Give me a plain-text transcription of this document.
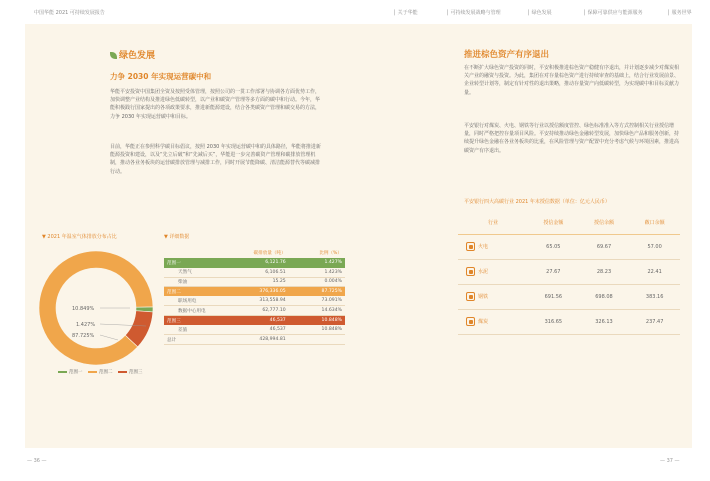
中国华能 2021 可持续发展报告	│ 关于华能	│ 可持续发展战略与管理	│ 绿色发展	│ 保障可靠供应与能源服务	│ 服务世界
绿色发展
力争 2030 年实现运营碳中和
华能平安投资中国集团全资及按照受体管理，按照公司的一贯工作部署与协调各方面优势工作，加快调整产业结构及推进绿色低碳转型，以产业和碳资产管理等多方面的碳中和行动。今年，华能积极践行国家提出的各项政策要求，推进新能源建设，结合各类碳资产管理和碳交易的方法，力争 2030 年实现运营碳中和目标。
目前，华能正在参照科学碳目标倡议，按照 2030 年实现运营碳中和的具体路径，华能将推进新能源投资和建设，以及“先立后破”和“先减后买”，华能进一步完善碳资产管理和碳排放管理机制，推动各业务板块的运营碳排放管理与减排工作，同时开展节能降碳、清洁能源替代等碳减排行动。
▼ 2021 年温室气体排放分布占比	▼ 详细数据
10.849%
1.427%
87.725%
范围一	范围二	范围三
	碳排放量（吨）	比例（%）
范围一	6,121.76	1.427%
天然气	6,106.51	1.423%
柴油	15.25	0.004%
范围二	376,336.05	87.725%
职场用电	313,558.94	73.091%
数据中心用电	62,777.10	14.634%
范围三	46,537	10.848%
差旅	46,537	10.848%
总计	428,994.81	
推进棕色资产有序退出
在不断扩大绿色资产投资的同时，平安积极推进棕色资产稳健有序退出，并计划逐步减少对煤炭相关产业的融资与投资。为此，集团在对存量棕色资产进行持续审查的基础上，结合行业发展前景、企业转型计划等，制定有针对性的退出策略，推动存量资产向低碳转型，为实现碳中和目标贡献力量。
平安银行对煤炭、火电、钢铁等行业以授信额度管控、绿色标准准入等方式控制相关行业授信增量，同时严格把控存量项目风险。平安持续推动绿色金融转型发展，加快绿色产品和服务创新，持续提升绿色金融在各业务板块的比重，在风险管理与资产配置中充分考虑气候与环境因素，推进高碳资产有序退出。
平安银行四大高碳行业 2021 年末授信数据（单位：亿元人民币）
行业	授信金额	授信余额	敞口余额

火电	65.05	69.67	57.00

水泥	27.67	28.23	22.41

钢铁	691.56	698.08	383.16

煤炭	316.65	326.13	237.47
— 36 —	— 37 —
